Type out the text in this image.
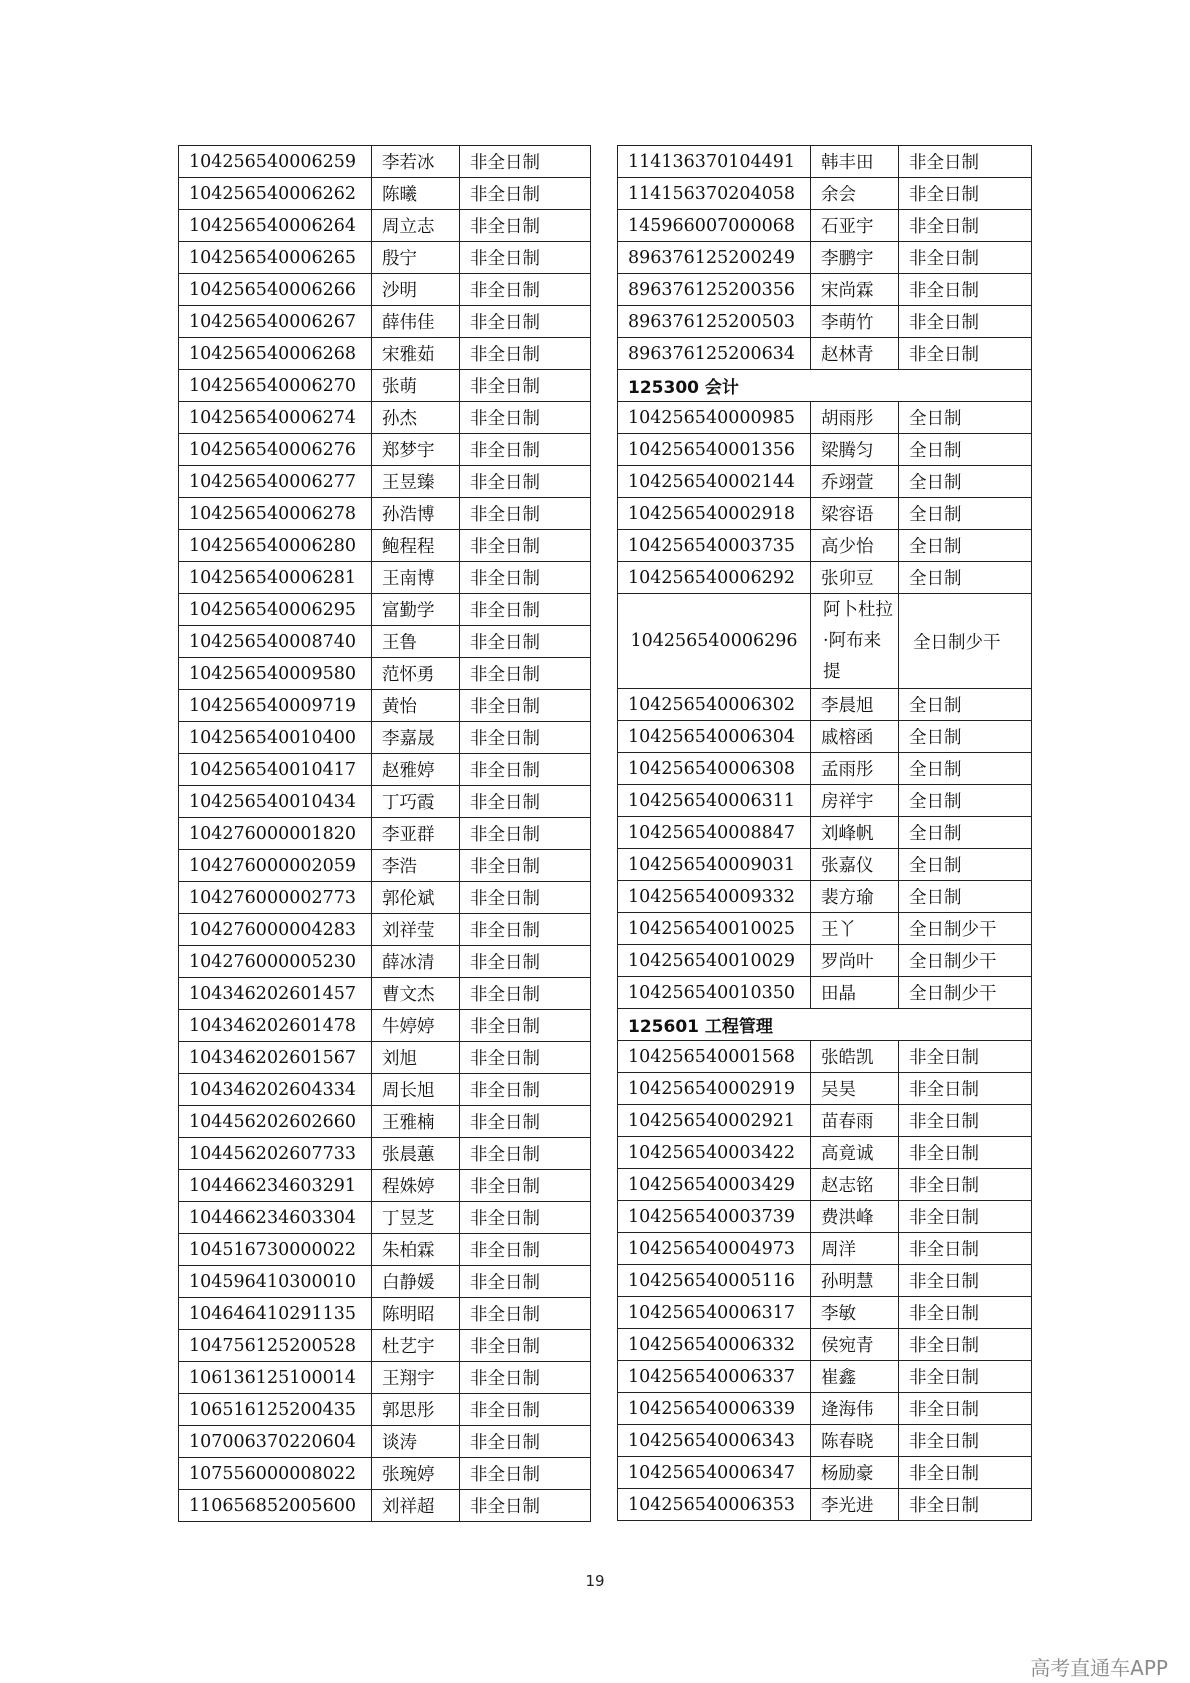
104256540006259	李若冰	非全日制
104256540006262	陈曦	非全日制
104256540006264	周立志	非全日制
104256540006265	殷宁	非全日制
104256540006266	沙明	非全日制
104256540006267	薛伟佳	非全日制
104256540006268	宋雅茹	非全日制
104256540006270	张萌	非全日制
104256540006274	孙杰	非全日制
104256540006276	郑梦宇	非全日制
104256540006277	王昱臻	非全日制
104256540006278	孙浩博	非全日制
104256540006280	鲍程程	非全日制
104256540006281	王南博	非全日制
104256540006295	富勤学	非全日制
104256540008740	王鲁	非全日制
104256540009580	范怀勇	非全日制
104256540009719	黄怡	非全日制
104256540010400	李嘉晟	非全日制
104256540010417	赵雅婷	非全日制
104256540010434	丁巧霞	非全日制
104276000001820	李亚群	非全日制
104276000002059	李浩	非全日制
104276000002773	郭伦斌	非全日制
104276000004283	刘祥莹	非全日制
104276000005230	薛冰清	非全日制
104346202601457	曹文杰	非全日制
104346202601478	牛婷婷	非全日制
104346202601567	刘旭	非全日制
104346202604334	周长旭	非全日制
104456202602660	王雅楠	非全日制
104456202607733	张晨蕙	非全日制
104466234603291	程姝婷	非全日制
104466234603304	丁昱芝	非全日制
104516730000022	朱柏霖	非全日制
104596410300010	白静媛	非全日制
104646410291135	陈明昭	非全日制
104756125200528	杜艺宇	非全日制
106136125100014	王翔宇	非全日制
106516125200435	郭思彤	非全日制
107006370220604	谈涛	非全日制
107556000008022	张琬婷	非全日制
110656852005600	刘祥超	非全日制
114136370104491	韩丰田	非全日制
114156370204058	余会	非全日制
145966007000068	石亚宇	非全日制
896376125200249	李鹏宇	非全日制
896376125200356	宋尚霖	非全日制
896376125200503	李萌竹	非全日制
896376125200634	赵林青	非全日制
125300 会计		
104256540000985	胡雨彤	全日制
104256540001356	梁腾匀	全日制
104256540002144	乔翊萱	全日制
104256540002918	梁容语	全日制
104256540003735	高少怡	全日制
104256540006292	张卯豆	全日制
104256540006296	阿卜杜拉·阿布来提	全日制少干
104256540006302	李晨旭	全日制
104256540006304	戚榕函	全日制
104256540006308	孟雨彤	全日制
104256540006311	房祥宇	全日制
104256540008847	刘峰帆	全日制
104256540009031	张嘉仪	全日制
104256540009332	裴方瑜	全日制
104256540010025	王丫	全日制少干
104256540010029	罗尚叶	全日制少干
104256540010350	田晶	全日制少干
125601 工程管理		
104256540001568	张皓凯	非全日制
104256540002919	吴昊	非全日制
104256540002921	苗春雨	非全日制
104256540003422	高竟诚	非全日制
104256540003429	赵志铭	非全日制
104256540003739	费洪峰	非全日制
104256540004973	周洋	非全日制
104256540005116	孙明慧	非全日制
104256540006317	李敏	非全日制
104256540006332	侯宛青	非全日制
104256540006337	崔鑫	非全日制
104256540006339	逄海伟	非全日制
104256540006343	陈春晓	非全日制
104256540006347	杨励豪	非全日制
104256540006353	李光进	非全日制
19
高考直通车APP
